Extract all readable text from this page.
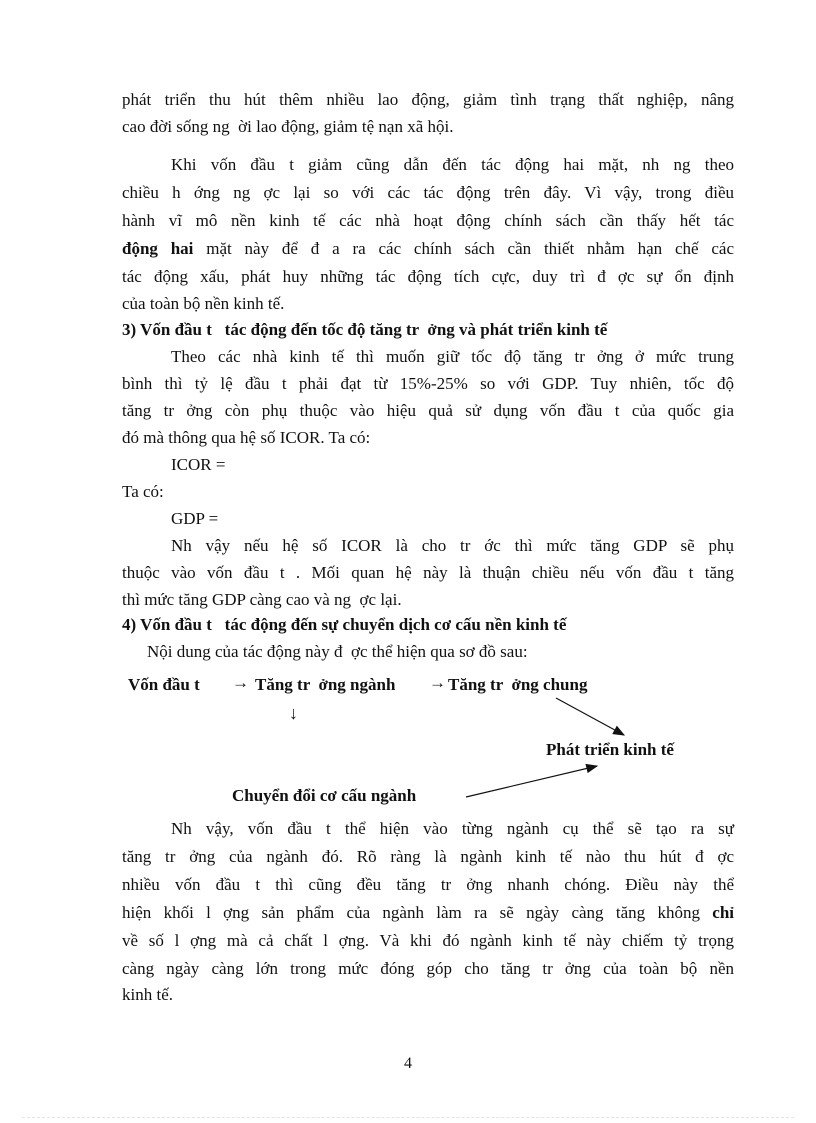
phát triển thu hút thêm nhiều lao động, giảm tình trạng thất nghiệp, nâng
cao đời sống ng  ời lao động, giảm tệ nạn xã hội.
Khi vốn đầu t giảm cũng dẫn đến tác động hai mặt, nh ng theo
chiều h ớng ng ợc lại so với các tác động trên đây. Vì vậy, trong điều
hành vĩ mô nền kinh tế các nhà hoạt động chính sách cần thấy hết tác
động hai mặt này để đ a ra các chính sách cần thiết nhằm hạn chế các
tác động xấu, phát huy những tác động tích cực, duy trì đ ợc sự ổn định
của toàn bộ nền kinh tế.
3) Vốn đầu t   tác động đến tốc độ tăng tr  ởng và phát triển kinh tế
Theo các nhà kinh tế thì muốn giữ tốc độ tăng tr ởng ở mức trung
bình thì tỷ lệ đầu t phải đạt từ 15%-25% so với GDP. Tuy nhiên, tốc độ
tăng tr ởng còn phụ thuộc vào hiệu quả sử dụng vốn đầu t của quốc gia
đó mà thông qua hệ số ICOR. Ta có:
ICOR =
Ta có:
GDP =
Nh vậy nếu hệ số ICOR là cho tr ớc thì mức tăng GDP sẽ phụ
thuộc vào vốn đầu t . Mối quan hệ này là thuận chiều nếu vốn đầu t tăng
thì mức tăng GDP càng cao và ng  ợc lại.
4) Vốn đầu t   tác động đến sự chuyển dịch cơ cấu nền kinh tế
Nội dung của tác động này đ  ợc thể hiện qua sơ đồ sau:
Vốn đầu t → Tăng tr  ởng ngành → Tăng tr  ởng chung
↓
Phát triển kinh tế
Chuyển đổi cơ cấu ngành
Nh vậy, vốn đầu t thể hiện vào từng ngành cụ thể sẽ tạo ra sự
tăng tr ởng của ngành đó. Rõ ràng là ngành kinh tế nào thu hút đ ợc
nhiều vốn đầu t thì cũng đều tăng tr ởng nhanh chóng. Điều này thể
hiện khối l ợng sản phẩm của ngành làm ra sẽ ngày càng tăng không chỉ
về số l ợng mà cả chất l ợng. Và khi đó ngành kinh tế này chiếm tỷ trọng
càng ngày càng lớn trong mức đóng góp cho tăng tr ởng của toàn bộ nền
kinh tế.
4
